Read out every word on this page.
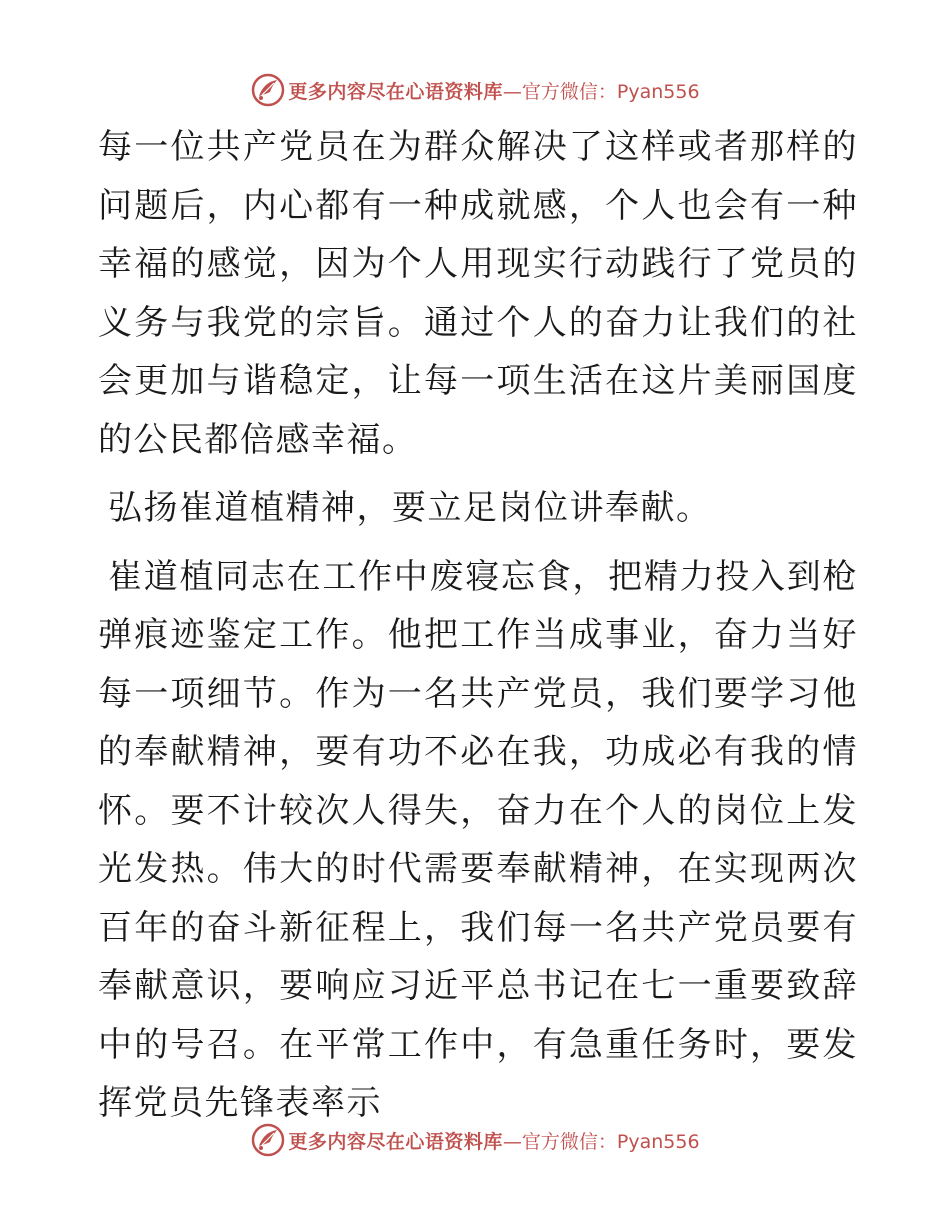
更多内容尽在心语资料库 —官方微信：Pyan556

每一位共产党员在为群众解决了这样或者那样的问题后，内心都有一种成就感，个人也会有一种幸福的感觉，因为个人用现实行动践行了党员的义务与我党的宗旨。通过个人的奋力让我们的社会更加与谐稳定，让每一项生活在这片美丽国度的公民都倍感幸福。

弘扬崔道植精神，要立足岗位讲奉献。

崔道植同志在工作中废寝忘食，把精力投入到枪弹痕迹鉴定工作。他把工作当成事业，奋力当好每一项细节。作为一名共产党员，我们要学习他的奉献精神，要有功不必在我，功成必有我的情怀。要不计较次人得失，奋力在个人的岗位上发光发热。伟大的时代需要奉献精神，在实现两次百年的奋斗新征程上，我们每一名共产党员要有奉献意识，要响应习近平总书记在七一重要致辞中的号召。在平常工作中，有急重任务时，要发挥党员先锋表率示

更多内容尽在心语资料库 —官方微信：Pyan556
